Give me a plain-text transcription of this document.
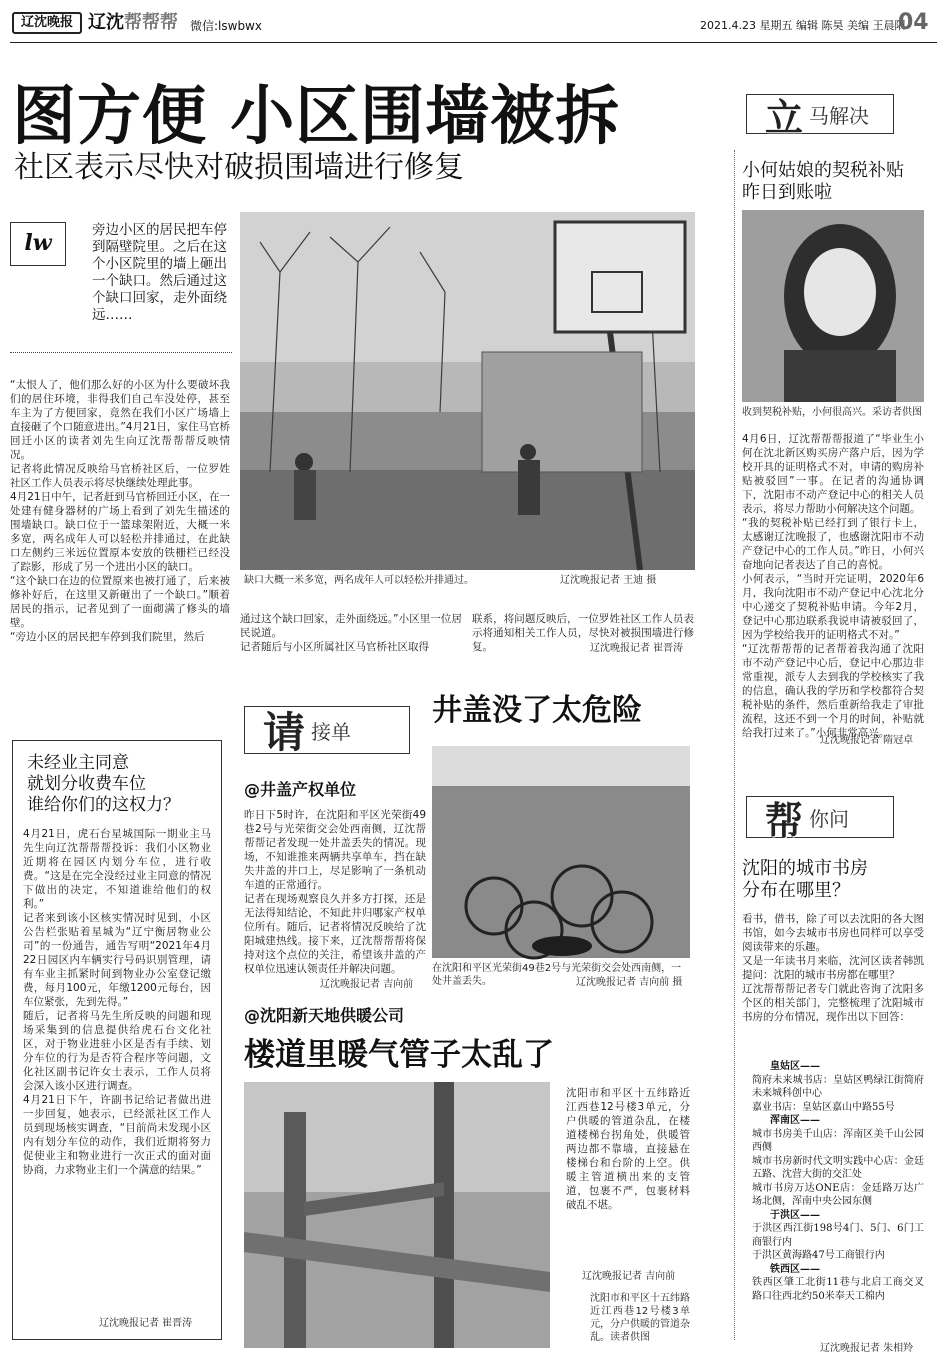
辽沈晚报 辽沈帮帮帮 微信:lswbwx	2021.4.23 星期五 编辑 陈昊 美编 王晨阳
04
图方便 小区围墙被拆
社区表示尽快对破损围墙进行修复
lw	旁边小区的居民把车停到隔壁院里。之后在这个小区院里的墙上砸出一个缺口。然后通过这个缺口回家，走外面绕远……
“太恨人了，他们那么好的小区为什么要破坏我们的居住环境，非得我们自己车没处停，甚至车主为了方便回家，竟然在我们小区广场墙上直接砸了个口随意进出。”4月21日，家住马官桥回迁小区的读者刘先生向辽沈帮帮帮反映情况。
记者将此情况反映给马官桥社区后，一位罗姓社区工作人员表示将尽快继续处理此事。
4月21日中午，记者赶到马官桥回迁小区，在一处建有健身器材的广场上看到了刘先生描述的围墙缺口。缺口位于一篮球架附近，大概一米多宽，两名成年人可以轻松并排通过，在此缺口左侧约三米远位置原本安放的铁栅栏已经没了踪影，形成了另一个进出小区的缺口。
“这个缺口在边的位置原来也被打通了，后来被修补好后，在这里又新砸出了一个缺口。”顺着居民的指示，记者见到了一面砌满了修头的墙壁。
“旁边小区的居民把车停到我们院里，然后
缺口大概一米多宽，两名成年人可以轻松并排通过。	辽沈晚报记者 王迪 摄
通过这个缺口回家，走外面绕远。”小区里一位居民说道。
记者随后与小区所属社区马官桥社区取得
联系，将问题反映后，一位罗姓社区工作人员表示将通知相关工作人员，尽快对被损围墙进行修复。	辽沈晚报记者 崔晋涛
立 马解决
小何姑娘的契税补贴
昨日到账啦
收到契税补贴，小何很高兴。采访者供图
4月6日，辽沈帮帮帮报道了“毕业生小何在沈北新区购买房产落户后，因为学校开具的证明格式不对，申请的购房补贴被驳回”一事。在记者的沟通协调下，沈阳市不动产登记中心的相关人员表示，将尽力帮助小何解决这个问题。
“我的契税补贴已经打到了银行卡上，太感谢辽沈晚报了，也感谢沈阳市不动产登记中心的工作人员。”昨日，小何兴奋地向记者表达了自己的喜悦。
小何表示，“当时开完证明，2020年6月，我向沈阳市不动产登记中心沈北分中心递交了契税补贴申请。今年2月，登记中心那边联系我说申请被驳回了，因为学校给我开的证明格式不对。”
“辽沈帮帮帮的记者帮着我沟通了沈阳市不动产登记中心后，登记中心那边非常重视，派专人去到我的学校核实了我的信息，确认我的学历和学校都符合契税补贴的条件，然后重新给我走了审批流程，这还不到一个月的时间，补贴就给我打过来了。”小何非常高兴。
辽沈晚报记者 隋冠卓
未经业主同意
就划分收费车位
谁给你们的这权力？
4月21日，虎石台星城国际一期业主马先生向辽沈帮帮帮投诉：我们小区物业近期将在园区内划分车位，进行收费。“这是在完全没经过业主同意的情况下做出的决定，不知道谁给他们的权利。”
记者来到该小区核实情况时见到，小区公告栏张贴着星城为“辽宁衡居物业公司”的一份通告，通告写明“2021年4月22日园区内车辆实行号码识别管理，请有车业主抓紧时间到物业办公室登记缴费，每月100元，年缴1200元每台，因车位紧张，先到先得。”
随后，记者将马先生所反映的问题和现场采集到的信息提供给虎石台文化社区，对于物业进驻小区是否有手续、划分车位的行为是否符合程序等问题，文化社区副书记许女士表示，工作人员将会深入该小区进行调查。
4月21日下午，许副书记给记者做出进一步回复，她表示，已经派社区工作人员到现场核实调查，“目前尚未发现小区内有划分车位的动作，我们近期将努力促使业主和物业进行一次正式的面对面协商，力求物业主们一个满意的结果。”
辽沈晚报记者 崔晋涛
请 接单
井盖没了太危险
@井盖产权单位
昨日下5时许，在沈阳和平区光荣街49巷2号与光荣街交会处西南侧，辽沈帮帮帮记者发现一处井盖丢失的情况。现场，不知谁推来两辆共享单车，挡在缺失井盖的井口上，尽足影响了一条机动车道的正常通行。
记者在现场观察良久并多方打探，还是无法得知结论，不知此井归哪家产权单位所有。随后，记者将情况反映给了沈阳城建热线。接下来，辽沈帮帮帮将保持对这个点位的关注，希望该井盖的产权单位迅速认领责任并解决问题。
辽沈晚报记者 吉向前
在沈阳和平区光荣街49巷2号与光荣街交会处西南侧，一处井盖丢失。	辽沈晚报记者 吉向前 摄
@沈阳新天地供暖公司
楼道里暖气管子太乱了
沈阳市和平区十五纬路近江西巷12号楼3单元，分户供暖的管道杂乱，在楼道楼梯台拐角处，供暖管两边都不靠墙，直接悬在楼梯台和台阶的上空。供暖主管道横出来的支管道，包裹不严，包裹材料破乱不堪。
辽沈晚报记者 吉向前
沈阳市和平区十五纬路近江西巷12号楼3单元，分户供暖的管道杂乱。读者供图
帮 你问
沈阳的城市书房
分布在哪里？
看书，借书，除了可以去沈阳的各大图书馆，如今去城市书房也同样可以享受阅读带来的乐趣。
又是一年读书月来临，沈河区读者韩凯提问：沈阳的城市书房都在哪里？
辽沈帮帮帮记者专门就此咨询了沈阳多个区的相关部门，完整梳理了沈阳城市书房的分布情况，现作出以下回答：
皇姑区——
简府未来城书店：皇姑区鸭绿江街简府未来城科创中心
嘉业书店：皇姑区嘉山中路55号
浑南区——
城市书房美千山店：浑南区美千山公园西侧
城市书房新时代文明实践中心店：金廷五路、沈营大街的交汇处
城市书房万达ONE店：金廷路万达广场北侧，浑南中央公园东侧
于洪区——
于洪区西江街198号4门、5门、6门工商银行内
于洪区黄海路47号工商银行内
铁西区——
铁西区肇工北街11巷与北启工商交叉路口往西北约50米奉天工棉内
辽沈晚报记者 朱相羚
